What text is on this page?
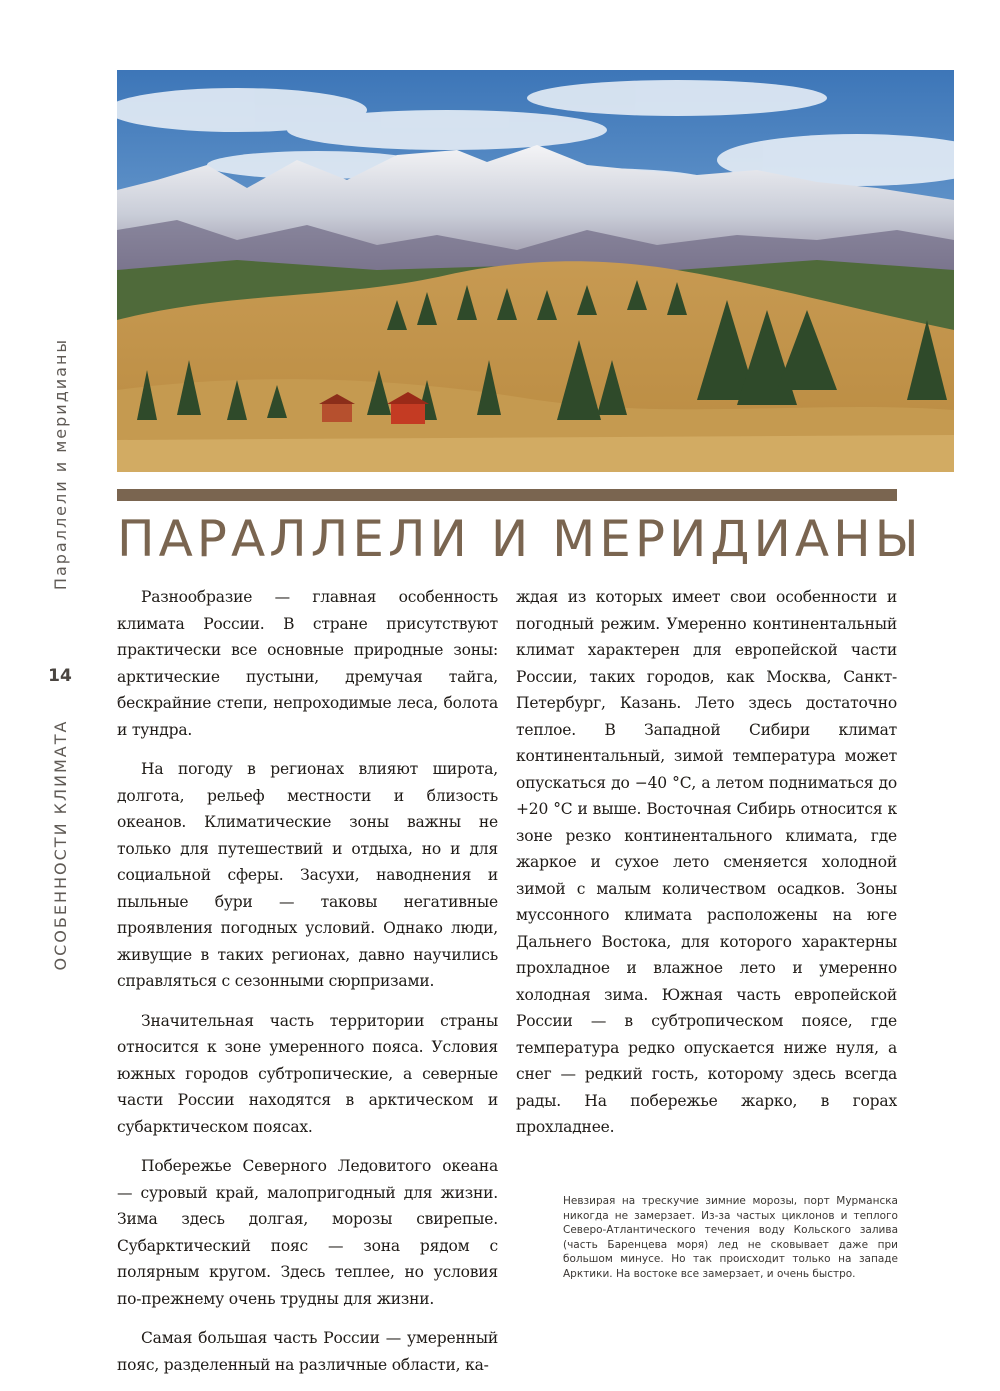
ПАРАЛЛЕЛИ И МЕРИДИАНЫ
Параллели и меридианы
14
ОСОБЕННОСТИ КЛИМАТА

Разнообразие — главная особенность климата России. В стране присутствуют практически все основные природные зоны: арктические пустыни, дремучая тайга, бескрайние степи, непроходимые леса, болота и тундра.

На погоду в регионах влияют широта, долгота, рельеф местности и близость океанов. Климатические зоны важны не только для путешествий и отдыха, но и для социальной сферы. Засухи, наводнения и пыльные бури — таковы негативные проявления погодных условий. Однако люди, живущие в таких регионах, давно научились справляться с сезонными сюрпризами.

Значительная часть территории страны относится к зоне умеренного пояса. Условия южных городов субтропические, а северные части России находятся в арктическом и субарктическом поясах.

Побережье Северного Ледовитого океана — суровый край, малопригодный для жизни. Зима здесь долгая, морозы свирепые. Субарктический пояс — зона рядом с полярным кругом. Здесь теплее, но условия по-прежнему очень трудны для жизни.

Самая большая часть России — умеренный пояс, разделенный на различные области, ка-

ждая из которых имеет свои особенности и погодный режим. Умеренно континентальный климат характерен для европейской части России, таких городов, как Москва, Санкт-Петербург, Казань. Лето здесь достаточно теплое. В Западной Сибири климат континентальный, зимой температура может опускаться до −40 °С, а летом подниматься до +20 °С и выше. Восточная Сибирь относится к зоне резко континентального климата, где жаркое и сухое лето сменяется холодной зимой с малым количеством осадков. Зоны муссонного климата расположены на юге Дальнего Востока, для которого характерны прохладное и влажное лето и умеренно холодная зима. Южная часть европейской России — в субтропическом поясе, где температура редко опускается ниже нуля, а снег — редкий гость, которому здесь всегда рады. На побережье жарко, в горах прохладнее.

Невзирая на трескучие зимние морозы, порт Мурманска никогда не замерзает. Из-за частых циклонов и теплого Северо-Атлантического течения воду Кольского залива (часть Баренцева моря) лед не сковывает даже при большом минусе. Но так происходит только на западе Арктики. На востоке все замерзает, и очень быстро.
